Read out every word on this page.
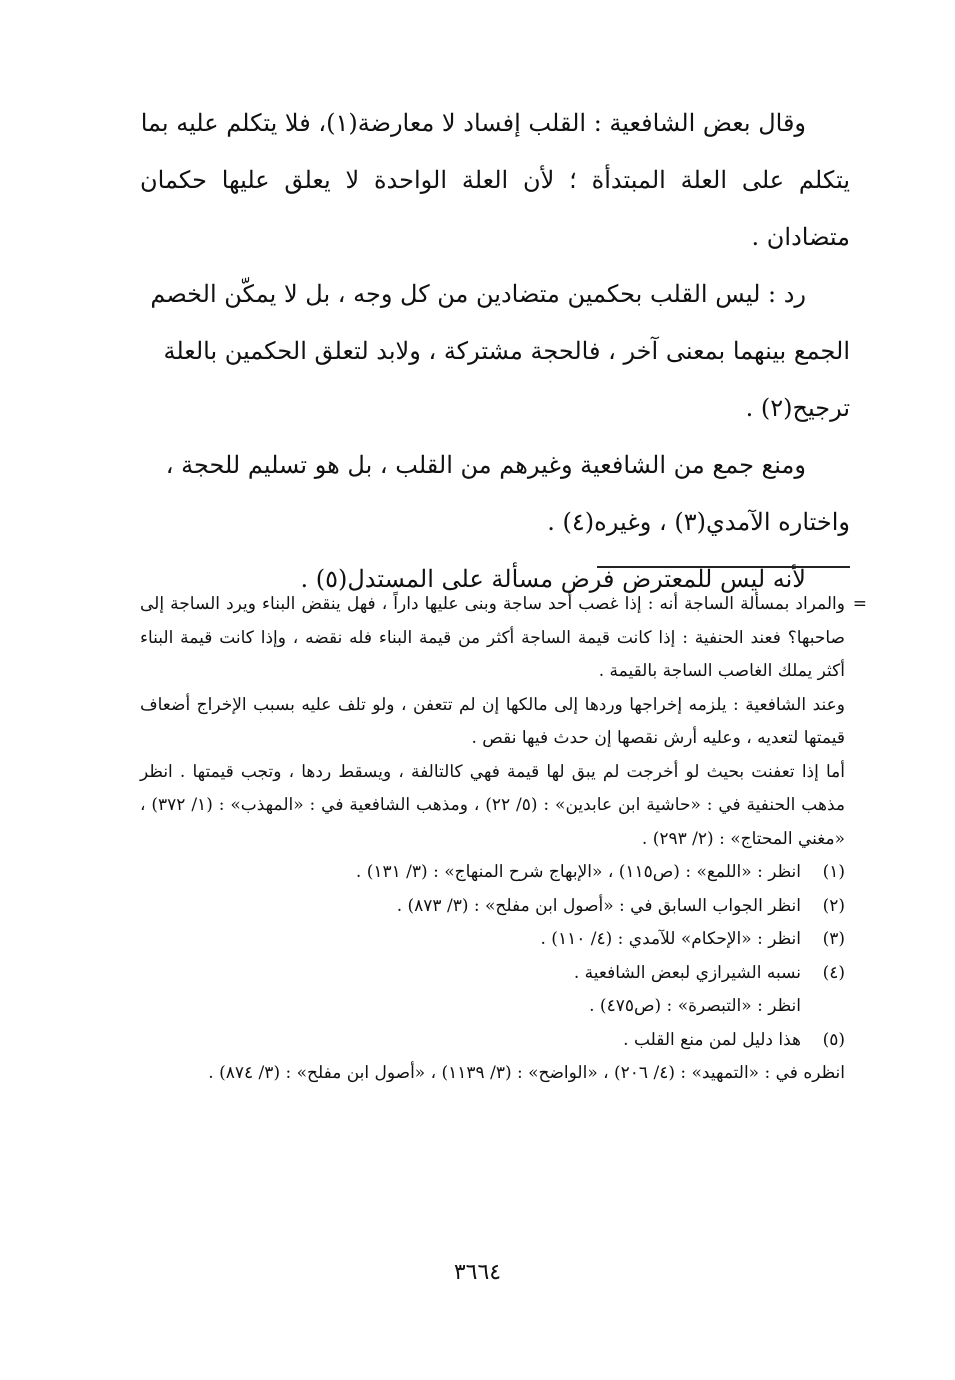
وقال بعض الشافعية : القلب إفساد لا معارضة(١)، فلا يتكلم عليه بما
يتكلم على العلة المبتدأة ؛ لأن العلة الواحدة لا يعلق عليها حكمان متضادان .

رد : ليس القلب بحكمين متضادين من كل وجه ، بل لا يمكّن الخصم
الجمع بينهما بمعنى آخر ، فالحجة مشتركة ، ولابد لتعلق الحكمين بالعلة
ترجيح(٢) .

ومنع جمع من الشافعية وغيرهم من القلب ، بل هو تسليم للحجة ،
واختاره الآمدي(٣) ، وغيره(٤) .

لأنه ليس للمعترض فرض مسألة على المستدل(٥) .

=

والمراد بمسألة الساجة أنه : إذا غصب أحد ساجة وبنى عليها داراً ، فهل ينقض البناء ويرد الساجة إلى صاحبها؟ فعند الحنفية : إذا كانت قيمة الساجة أكثر من قيمة البناء فله نقضه ، وإذا كانت قيمة البناء أكثر يملك الغاصب الساجة بالقيمة .

وعند الشافعية : يلزمه إخراجها وردها إلى مالكها إن لم تتعفن ، ولو تلف عليه بسبب الإخراج أضعاف قيمتها لتعديه ، وعليه أرش نقصها إن حدث فيها نقص .

أما إذا تعفنت بحيث لو أخرجت لم يبق لها قيمة فهي كالتالفة ، ويسقط ردها ، وتجب قيمتها . انظر مذهب الحنفية في : «حاشية ابن عابدين» : (٥/ ٢٢) ، ومذهب الشافعية في : «المهذب» : (١/ ٣٧٢) ، «مغني المحتاج» : (٢/ ٢٩٣) .

(١)
انظر : «اللمع» : (ص١١٥) ، «الإبهاج شرح المنهاج» : (٣/ ١٣١) .
(٢)
انظر الجواب السابق في : «أصول ابن مفلح» : (٣/ ٨٧٣) .
(٣)
انظر : «الإحكام» للآمدي : (٤/ ١١٠) .
(٤)
نسبه الشيرازي لبعض الشافعية .
انظر : «التبصرة» : (ص٤٧٥) .
(٥)
هذا دليل لمن منع القلب .

انظره في : «التمهيد» : (٤/ ٢٠٦) ، «الواضح» : (٣/ ١١٣٩) ، «أصول ابن مفلح» : (٣/ ٨٧٤) .

٣٦٦٤
